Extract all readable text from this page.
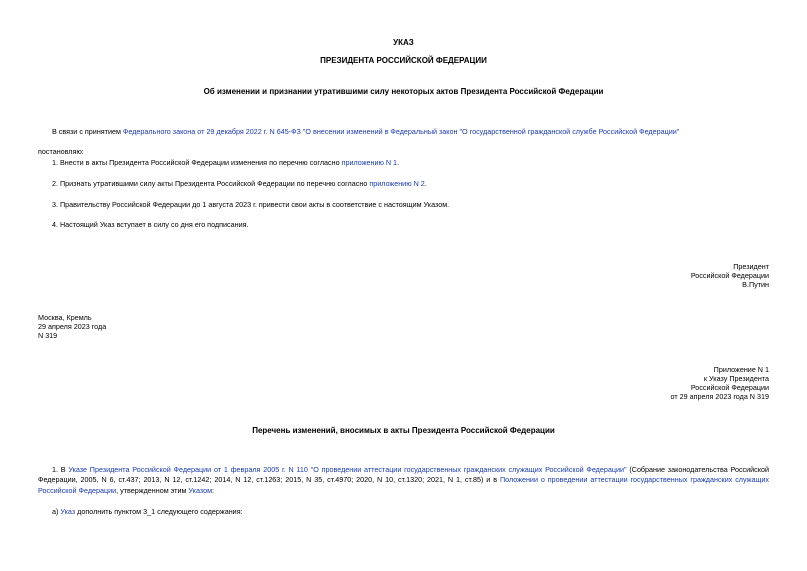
УКАЗ
ПРЕЗИДЕНТА РОССИЙСКОЙ ФЕДЕРАЦИИ
Об изменении и признании утратившими силу некоторых актов Президента Российской Федерации
В связи с принятием Федерального закона от 29 декабря 2022 г. N 645-ФЗ "О внесении изменений в Федеральный закон "О государственной гражданской службе Российской Федерации"
постановляю:
1. Внести в акты Президента Российской Федерации изменения по перечню согласно приложению N 1.
2. Признать утратившими силу акты Президента Российской Федерации по перечню согласно приложению N 2.
3. Правительству Российской Федерации до 1 августа 2023 г. привести свои акты в соответствие с настоящим Указом.
4. Настоящий Указ вступает в силу со дня его подписания.
Президент
Российской Федерации
В.Путин
Москва, Кремль
29 апреля 2023 года
N 319
Приложение N 1
к Указу Президента
Российской Федерации
от 29 апреля 2023 года N 319
Перечень изменений, вносимых в акты Президента Российской Федерации
1. В Указе Президента Российской Федерации от 1 февраля 2005 г. N 110 "О проведении аттестации государственных гражданских служащих Российской Федерации" (Собрание законодательства Российской Федерации, 2005, N 6, ст.437; 2013, N 12, ст.1242; 2014, N 12, ст.1263; 2015, N 35, ст.4970; 2020, N 10, ст.1320; 2021, N 1, ст.85) и в Положении о проведении аттестации государственных гражданских служащих Российской Федерации, утвержденном этим Указом:
а) Указ дополнить пунктом 3_1 следующего содержания:
